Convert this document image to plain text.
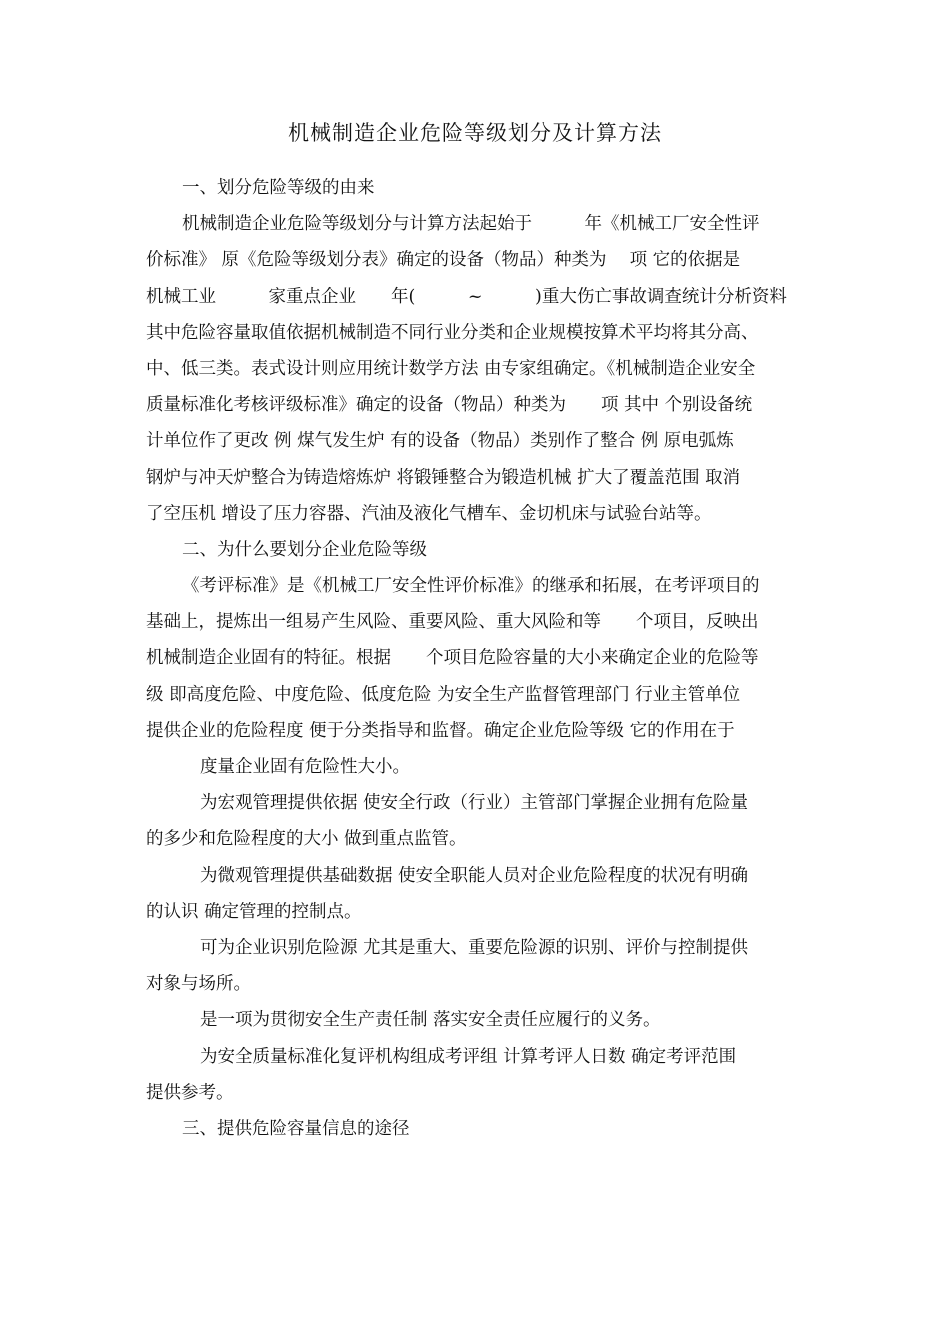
机械制造企业危险等级划分及计算方法
一、划分危险等级的由来
机械制造企业危险等级划分与计算方法起始于　　　年《机械工厂安全性评
价标准》 原《危险等级划分表》确定的设备（物品）种类为　 项 它的依据是
机械工业　　　家重点企业　　年(　　　~　　　)重大伤亡事故调查统计分析资料
其中危险容量取值依据机械制造不同行业分类和企业规模按算术平均将其分高、
中、低三类。表式设计则应用统计数学方法 由专家组确定。《机械制造企业安全
质量标准化考核评级标准》确定的设备（物品）种类为　　项 其中 个别设备统
计单位作了更改 例 煤气发生炉 有的设备（物品）类别作了整合 例 原电弧炼
钢炉与冲天炉整合为铸造熔炼炉 将锻锤整合为锻造机械 扩大了覆盖范围 取消
了空压机 增设了压力容器、汽油及液化气槽车、金切机床与试验台站等。
二、为什么要划分企业危险等级
《考评标准》是《机械工厂安全性评价标准》的继承和拓展，在考评项目的
基础上，提炼出一组易产生风险、重要风险、重大风险和等　　个项目，反映出
机械制造企业固有的特征。根据　　个项目危险容量的大小来确定企业的危险等
级 即高度危险、中度危险、低度危险 为安全生产监督管理部门 行业主管单位
提供企业的危险程度 便于分类指导和监督。确定企业危险等级 它的作用在于
度量企业固有危险性大小。
为宏观管理提供依据 使安全行政（行业）主管部门掌握企业拥有危险量
的多少和危险程度的大小 做到重点监管。
为微观管理提供基础数据 使安全职能人员对企业危险程度的状况有明确
的认识 确定管理的控制点。
可为企业识别危险源 尤其是重大、重要危险源的识别、评价与控制提供
对象与场所。
是一项为贯彻安全生产责任制 落实安全责任应履行的义务。
为安全质量标准化复评机构组成考评组 计算考评人日数 确定考评范围
提供参考。
三、提供危险容量信息的途径
